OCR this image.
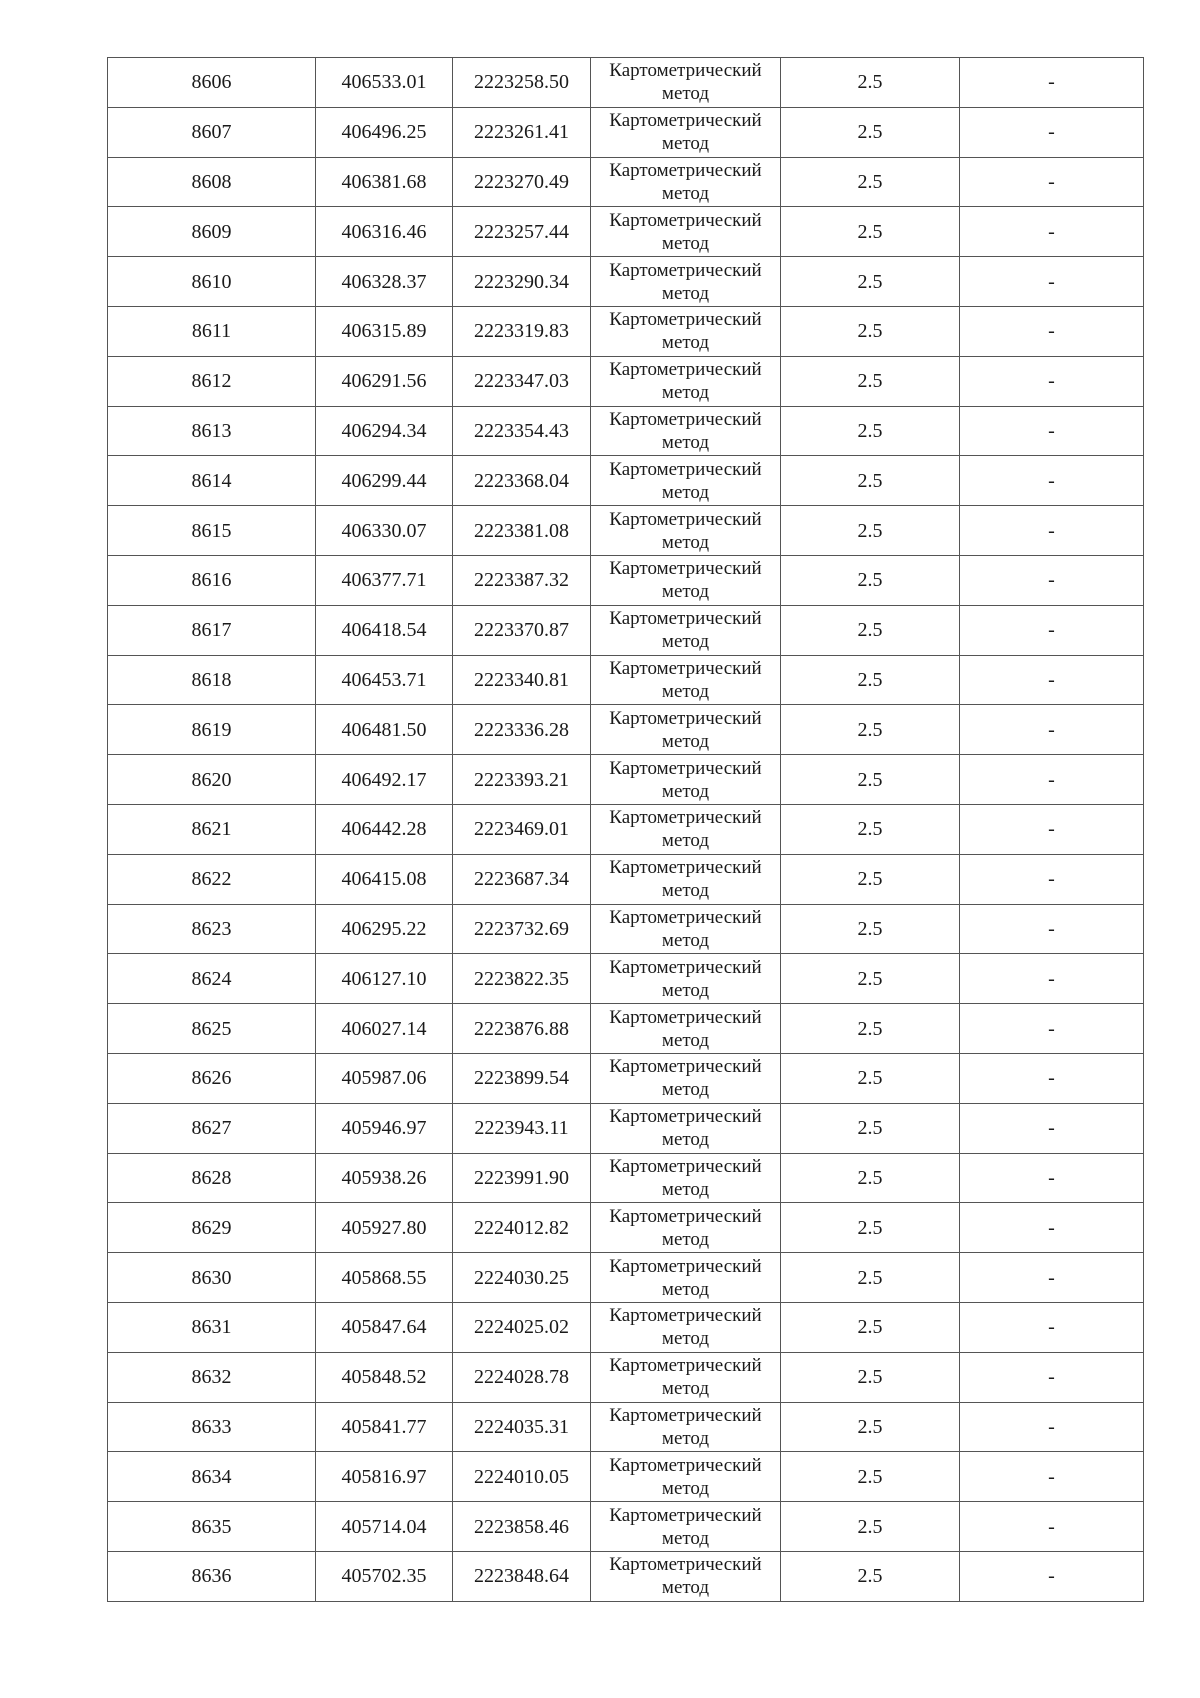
8606	406533.01	2223258.50	Картометрический
метод	2.5	-
8607	406496.25	2223261.41	Картометрический
метод	2.5	-
8608	406381.68	2223270.49	Картометрический
метод	2.5	-
8609	406316.46	2223257.44	Картометрический
метод	2.5	-
8610	406328.37	2223290.34	Картометрический
метод	2.5	-
8611	406315.89	2223319.83	Картометрический
метод	2.5	-
8612	406291.56	2223347.03	Картометрический
метод	2.5	-
8613	406294.34	2223354.43	Картометрический
метод	2.5	-
8614	406299.44	2223368.04	Картометрический
метод	2.5	-
8615	406330.07	2223381.08	Картометрический
метод	2.5	-
8616	406377.71	2223387.32	Картометрический
метод	2.5	-
8617	406418.54	2223370.87	Картометрический
метод	2.5	-
8618	406453.71	2223340.81	Картометрический
метод	2.5	-
8619	406481.50	2223336.28	Картометрический
метод	2.5	-
8620	406492.17	2223393.21	Картометрический
метод	2.5	-
8621	406442.28	2223469.01	Картометрический
метод	2.5	-
8622	406415.08	2223687.34	Картометрический
метод	2.5	-
8623	406295.22	2223732.69	Картометрический
метод	2.5	-
8624	406127.10	2223822.35	Картометрический
метод	2.5	-
8625	406027.14	2223876.88	Картометрический
метод	2.5	-
8626	405987.06	2223899.54	Картометрический
метод	2.5	-
8627	405946.97	2223943.11	Картометрический
метод	2.5	-
8628	405938.26	2223991.90	Картометрический
метод	2.5	-
8629	405927.80	2224012.82	Картометрический
метод	2.5	-
8630	405868.55	2224030.25	Картометрический
метод	2.5	-
8631	405847.64	2224025.02	Картометрический
метод	2.5	-
8632	405848.52	2224028.78	Картометрический
метод	2.5	-
8633	405841.77	2224035.31	Картометрический
метод	2.5	-
8634	405816.97	2224010.05	Картометрический
метод	2.5	-
8635	405714.04	2223858.46	Картометрический
метод	2.5	-
8636	405702.35	2223848.64	Картометрический
метод	2.5	-
